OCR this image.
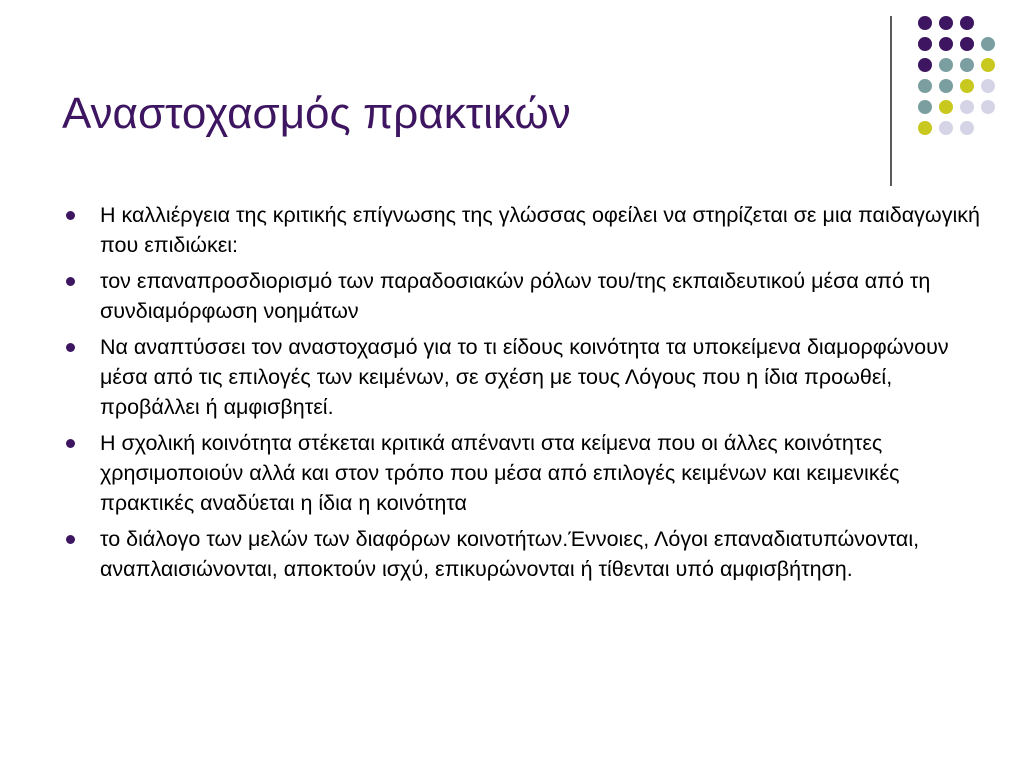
Αναστοχασμός πρακτικών
Η καλλιέργεια της κριτικής επίγνωσης της γλώσσας οφείλει να στηρίζεται σε μια παιδαγωγική που επιδιώκει:
τον επαναπροσδιορισμό των παραδοσιακών ρόλων του/της εκπαιδευτικού μέσα από τη συνδιαμόρφωση νοημάτων
Να αναπτύσσει τον αναστοχασμό για το τι είδους κοινότητα τα υποκείμενα διαμορφώνουν μέσα από τις επιλογές των κειμένων, σε σχέση με τους Λόγους που η ίδια προωθεί, προβάλλει ή αμφισβητεί.
Η σχολική κοινότητα στέκεται κριτικά απέναντι στα κείμενα που οι άλλες κοινότητες χρησιμοποιούν αλλά και στον τρόπο που μέσα από επιλογές κειμένων και κειμενικές πρακτικές αναδύεται η ίδια η κοινότητα
το διάλογο των μελών των διαφόρων κοινοτήτων.Έννοιες, Λόγοι επαναδιατυπώνονται, αναπλαισιώνονται, αποκτούν ισχύ, επικυρώνονται ή τίθενται υπό αμφισβήτηση.
